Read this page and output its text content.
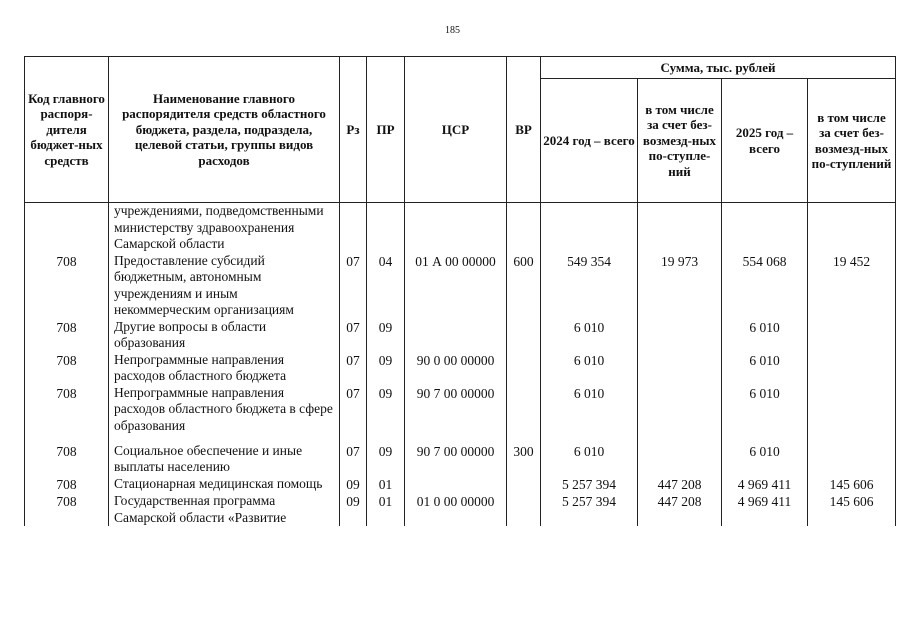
185
Код главного распоря-дителя бюджет-ных средств	Наименование главного распорядителя средств областного бюджета, раздела, подраздела, целевой статьи, группы видов расходов	Рз	ПР	ЦСР	ВР	Сумма, тыс. рублей			
						2024 год – всего	в том числе за счет без-возмезд-ных по-ступле-ний	2025 год – всего	в том числе за счет без-возмезд-ных по-ступлений
	учреждениями, подведомственными министерству здравоохранения Самарской области								
708	Предоставление субсидий бюджетным, автономным учреждениям и иным некоммерческим организациям	07	04	01 А 00 00000	600	549 354	19 973	554 068	19 452
708	Другие вопросы в области образования	07	09			6 010		6 010	
708	Непрограммные направления расходов областного бюджета	07	09	90 0 00 00000		6 010		6 010	
708	Непрограммные направления расходов областного бюджета в сфере образования	07	09	90 7 00 00000		6 010		6 010	
708	Социальное обеспечение и иные выплаты населению	07	09	90 7 00 00000	300	6 010		6 010	
708	Стационарная медицинская помощь	09	01			5 257 394	447 208	4 969 411	145 606
708	Государственная программа Самарской области «Развитие	09	01	01 0 00 00000		5 257 394	447 208	4 969 411	145 606
